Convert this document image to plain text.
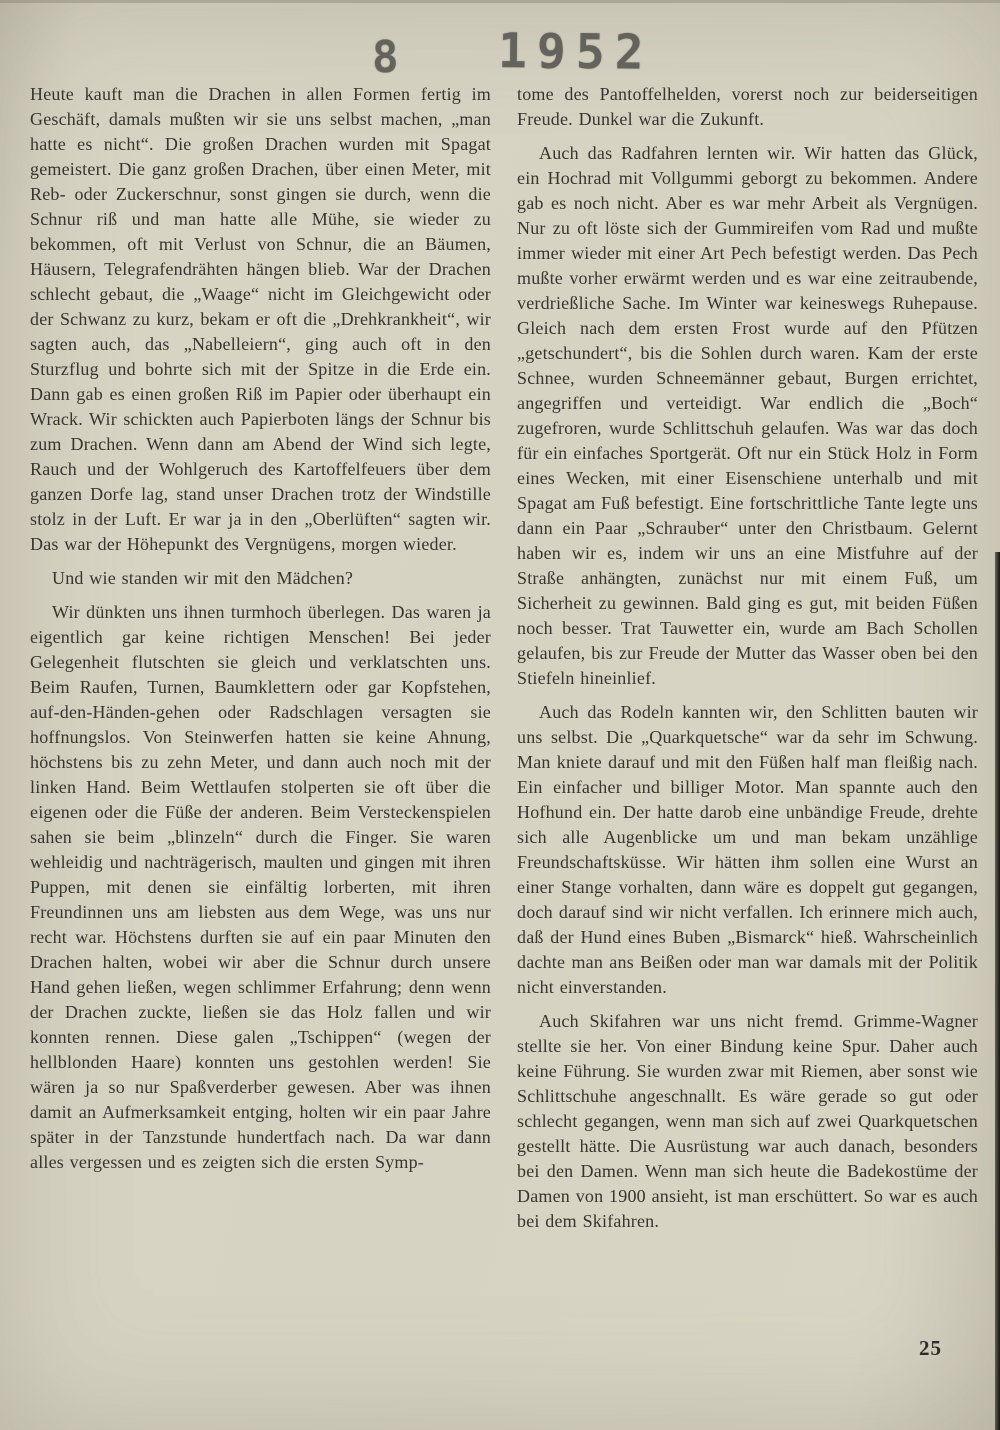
8 1952

Heute kauft man die Drachen in allen Formen fertig im Geschäft, damals mußten wir sie uns selbst machen, „man hatte es nicht“. Die großen Drachen wurden mit Spagat gemeistert. Die ganz großen Drachen, über einen Meter, mit Reb- oder Zuckerschnur, sonst gingen sie durch, wenn die Schnur riß und man hatte alle Mühe, sie wieder zu bekommen, oft mit Verlust von Schnur, die an Bäumen, Häusern, Telegrafendrähten hängen blieb. War der Drachen schlecht gebaut, die „Waage“ nicht im Gleichgewicht oder der Schwanz zu kurz, bekam er oft die „Drehkrankheit“, wir sagten auch, das „Nabelleiern“, ging auch oft in den Sturzflug und bohrte sich mit der Spitze in die Erde ein. Dann gab es einen großen Riß im Papier oder überhaupt ein Wrack. Wir schickten auch Papierboten längs der Schnur bis zum Drachen. Wenn dann am Abend der Wind sich legte, Rauch und der Wohlgeruch des Kartoffelfeuers über dem ganzen Dorfe lag, stand unser Drachen trotz der Windstille stolz in der Luft. Er war ja in den „Oberlüften“ sagten wir. Das war der Höhepunkt des Vergnügens, morgen wieder.

Und wie standen wir mit den Mädchen?

Wir dünkten uns ihnen turmhoch überlegen. Das waren ja eigentlich gar keine richtigen Menschen! Bei jeder Gelegenheit flutschten sie gleich und verklatschten uns. Beim Raufen, Turnen, Baumklettern oder gar Kopfstehen, auf-den-Händen-gehen oder Radschlagen versagten sie hoffnungslos. Von Steinwerfen hatten sie keine Ahnung, höchstens bis zu zehn Meter, und dann auch noch mit der linken Hand. Beim Wettlaufen stolperten sie oft über die eigenen oder die Füße der anderen. Beim Versteckenspielen sahen sie beim „blinzeln“ durch die Finger. Sie waren wehleidig und nachträgerisch, maulten und gingen mit ihren Puppen, mit denen sie einfältig lorberten, mit ihren Freundinnen uns am liebsten aus dem Wege, was uns nur recht war. Höchstens durften sie auf ein paar Minuten den Drachen halten, wobei wir aber die Schnur durch unsere Hand gehen ließen, wegen schlimmer Erfahrung; denn wenn der Drachen zuckte, ließen sie das Holz fallen und wir konnten rennen. Diese galen „Tschippen“ (wegen der hellblonden Haare) konnten uns gestohlen werden! Sie wären ja so nur Spaßverderber gewesen. Aber was ihnen damit an Aufmerksamkeit entging, holten wir ein paar Jahre später in der Tanzstunde hundertfach nach. Da war dann alles vergessen und es zeigten sich die ersten Symp-

tome des Pantoffelhelden, vorerst noch zur beiderseitigen Freude. Dunkel war die Zukunft.

Auch das Radfahren lernten wir. Wir hatten das Glück, ein Hochrad mit Vollgummi geborgt zu bekommen. Andere gab es noch nicht. Aber es war mehr Arbeit als Vergnügen. Nur zu oft löste sich der Gummireifen vom Rad und mußte immer wieder mit einer Art Pech befestigt werden. Das Pech mußte vorher erwärmt werden und es war eine zeitraubende, verdrießliche Sache. Im Winter war keineswegs Ruhepause. Gleich nach dem ersten Frost wurde auf den Pfützen „getschundert“, bis die Sohlen durch waren. Kam der erste Schnee, wurden Schneemänner gebaut, Burgen errichtet, angegriffen und verteidigt. War endlich die „Boch“ zugefroren, wurde Schlittschuh gelaufen. Was war das doch für ein einfaches Sportgerät. Oft nur ein Stück Holz in Form eines Wecken, mit einer Eisenschiene unterhalb und mit Spagat am Fuß befestigt. Eine fortschrittliche Tante legte uns dann ein Paar „Schrauber“ unter den Christbaum. Gelernt haben wir es, indem wir uns an eine Mistfuhre auf der Straße anhängten, zunächst nur mit einem Fuß, um Sicherheit zu gewinnen. Bald ging es gut, mit beiden Füßen noch besser. Trat Tauwetter ein, wurde am Bach Schollen gelaufen, bis zur Freude der Mutter das Wasser oben bei den Stiefeln hineinlief.

Auch das Rodeln kannten wir, den Schlitten bauten wir uns selbst. Die „Quarkquetsche“ war da sehr im Schwung. Man kniete darauf und mit den Füßen half man fleißig nach. Ein einfacher und billiger Motor. Man spannte auch den Hofhund ein. Der hatte darob eine unbändige Freude, drehte sich alle Augenblicke um und man bekam unzählige Freundschaftsküsse. Wir hätten ihm sollen eine Wurst an einer Stange vorhalten, dann wäre es doppelt gut gegangen, doch darauf sind wir nicht verfallen. Ich erinnere mich auch, daß der Hund eines Buben „Bismarck“ hieß. Wahrscheinlich dachte man ans Beißen oder man war damals mit der Politik nicht einverstanden.

Auch Skifahren war uns nicht fremd. Grimme-Wagner stellte sie her. Von einer Bindung keine Spur. Daher auch keine Führung. Sie wurden zwar mit Riemen, aber sonst wie Schlittschuhe angeschnallt. Es wäre gerade so gut oder schlecht gegangen, wenn man sich auf zwei Quarkquetschen gestellt hätte. Die Ausrüstung war auch danach, besonders bei den Damen. Wenn man sich heute die Badekostüme der Damen von 1900 ansieht, ist man erschüttert. So war es auch bei dem Skifahren.

25
